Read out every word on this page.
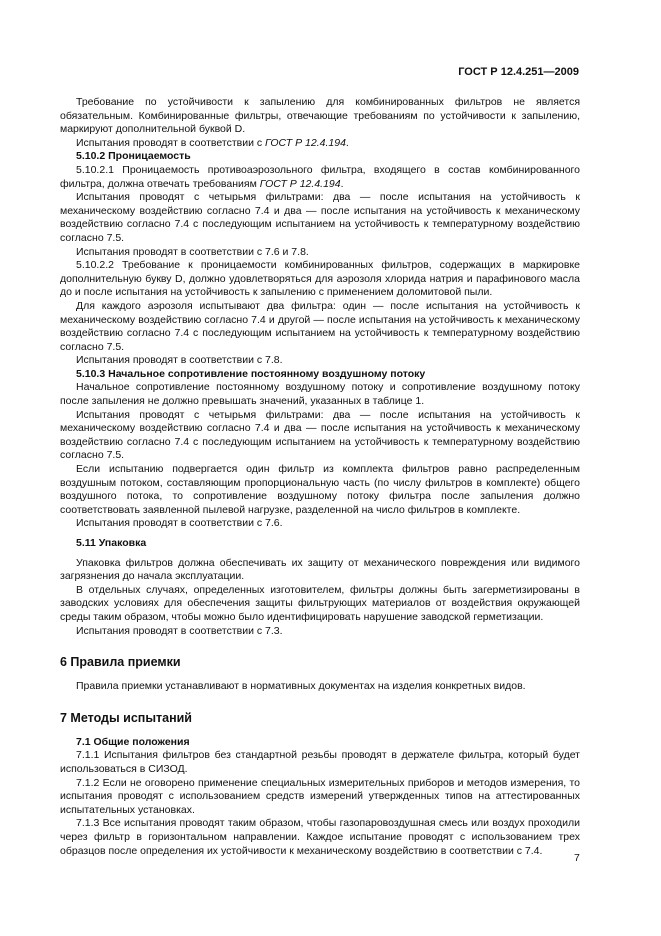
ГОСТ Р 12.4.251—2009

Требование по устойчивости к запылению для комбинированных фильтров не является обязательным. Комбинированные фильтры, отвечающие требованиям по устойчивости к запылению, маркируют дополнительной буквой D.

Испытания проводят в соответствии с ГОСТ Р 12.4.194.

5.10.2 Проницаемость

5.10.2.1 Проницаемость противоаэрозольного фильтра, входящего в состав комбинированного фильтра, должна отвечать требованиям ГОСТ Р 12.4.194.

Испытания проводят с четырьмя фильтрами: два — после испытания на устойчивость к механическому воздействию согласно 7.4 и два — после испытания на устойчивость к механическому воздействию согласно 7.4 с последующим испытанием на устойчивость к температурному воздействию согласно 7.5.

Испытания проводят в соответствии с 7.6 и 7.8.

5.10.2.2 Требование к проницаемости комбинированных фильтров, содержащих в маркировке дополнительную букву D, должно удовлетворяться для аэрозоля хлорида натрия и парафинового масла до и после испытания на устойчивость к запылению с применением доломитовой пыли.

Для каждого аэрозоля испытывают два фильтра: один — после испытания на устойчивость к механическому воздействию согласно 7.4 и другой — после испытания на устойчивость к механическому воздействию согласно 7.4 с последующим испытанием на устойчивость к температурному воздействию согласно 7.5.

Испытания проводят в соответствии с 7.8.

5.10.3 Начальное сопротивление постоянному воздушному потоку

Начальное сопротивление постоянному воздушному потоку и сопротивление воздушному потоку после запыления не должно превышать значений, указанных в таблице 1.

Испытания проводят с четырьмя фильтрами: два — после испытания на устойчивость к механическому воздействию согласно 7.4 и два — после испытания на устойчивость к механическому воздействию согласно 7.4 с последующим испытанием на устойчивость к температурному воздействию согласно 7.5.

Если испытанию подвергается один фильтр из комплекта фильтров равно распределенным воздушным потоком, составляющим пропорциональную часть (по числу фильтров в комплекте) общего воздушного потока, то сопротивление воздушному потоку фильтра после запыления должно соответствовать заявленной пылевой нагрузке, разделенной на число фильтров в комплекте.

Испытания проводят в соответствии с 7.6.

5.11 Упаковка

Упаковка фильтров должна обеспечивать их защиту от механического повреждения или видимого загрязнения до начала эксплуатации.

В отдельных случаях, определенных изготовителем, фильтры должны быть загерметизированы в заводских условиях для обеспечения защиты фильтрующих материалов от воздействия окружающей среды таким образом, чтобы можно было идентифицировать нарушение заводской герметизации.

Испытания проводят в соответствии с 7.3.

6 Правила приемки

Правила приемки устанавливают в нормативных документах на изделия конкретных видов.

7 Методы испытаний
7.1 Общие положения

7.1.1 Испытания фильтров без стандартной резьбы проводят в держателе фильтра, который будет использоваться в СИЗОД.

7.1.2 Если не оговорено применение специальных измерительных приборов и методов измерения, то испытания проводят с использованием средств измерений утвержденных типов на аттестированных испытательных установках.

7.1.3 Все испытания проводят таким образом, чтобы газопаровоздушная смесь или воздух проходили через фильтр в горизонтальном направлении. Каждое испытание проводят с использованием трех образцов после определения их устойчивости к механическому воздействию в соответствии с 7.4.

7
